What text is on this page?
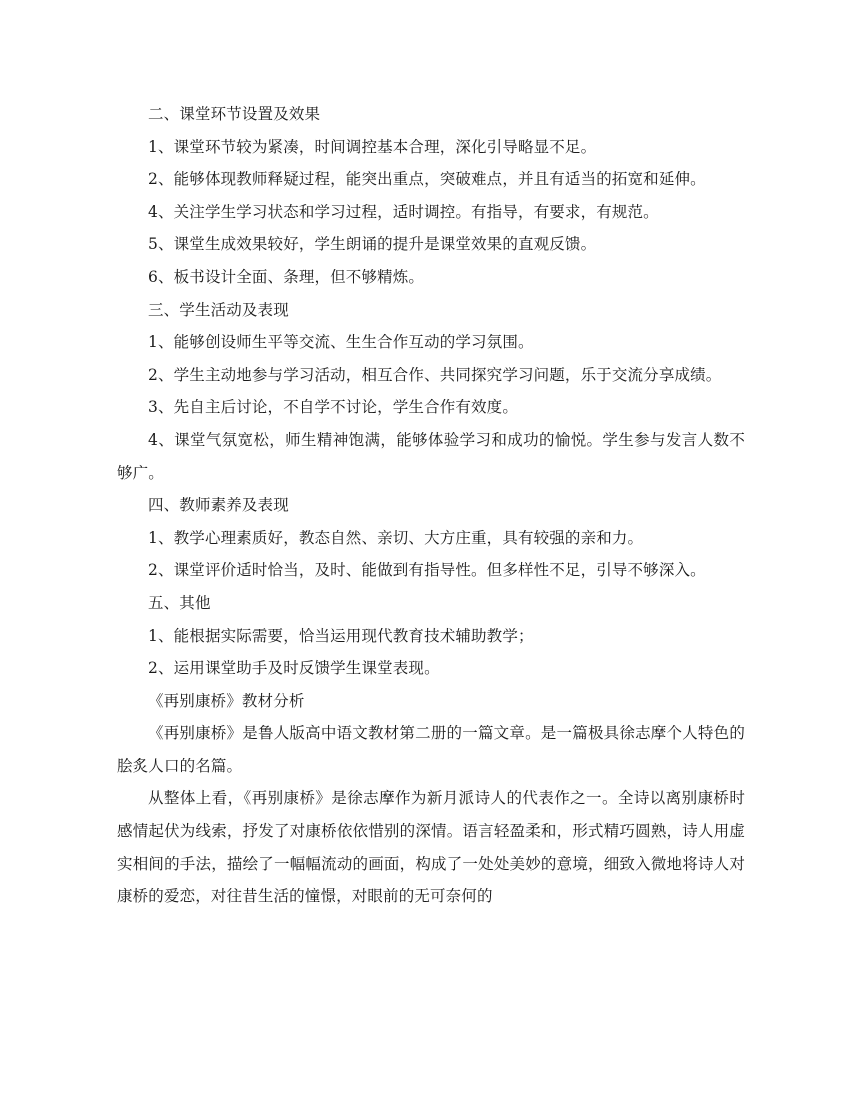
二、课堂环节设置及效果

1、课堂环节较为紧凑，时间调控基本合理，深化引导略显不足。

2、能够体现教师释疑过程，能突出重点，突破难点，并且有适当的拓宽和延伸。

4、关注学生学习状态和学习过程，适时调控。有指导，有要求，有规范。

5、课堂生成效果较好，学生朗诵的提升是课堂效果的直观反馈。

6、板书设计全面、条理，但不够精炼。

三、学生活动及表现

1、能够创设师生平等交流、生生合作互动的学习氛围。

2、学生主动地参与学习活动，相互合作、共同探究学习问题，乐于交流分享成绩。

3、先自主后讨论，不自学不讨论，学生合作有效度。

4、课堂气氛宽松，师生精神饱满，能够体验学习和成功的愉悦。学生参与发言人数不够广。

四、教师素养及表现

1、教学心理素质好，教态自然、亲切、大方庄重，具有较强的亲和力。

2、课堂评价适时恰当，及时、能做到有指导性。但多样性不足，引导不够深入。

五、其他

1、能根据实际需要，恰当运用现代教育技术辅助教学；

2、运用课堂助手及时反馈学生课堂表现。

《再别康桥》教材分析

《再别康桥》是鲁人版高中语文教材第二册的一篇文章。是一篇极具徐志摩个人特色的脍炙人口的名篇。

从整体上看，《再别康桥》是徐志摩作为新月派诗人的代表作之一。全诗以离别康桥时感情起伏为线索，抒发了对康桥依依惜别的深情。语言轻盈柔和，形式精巧圆熟，诗人用虚实相间的手法，描绘了一幅幅流动的画面，构成了一处处美妙的意境，细致入微地将诗人对康桥的爱恋，对往昔生活的憧憬，对眼前的无可奈何的
